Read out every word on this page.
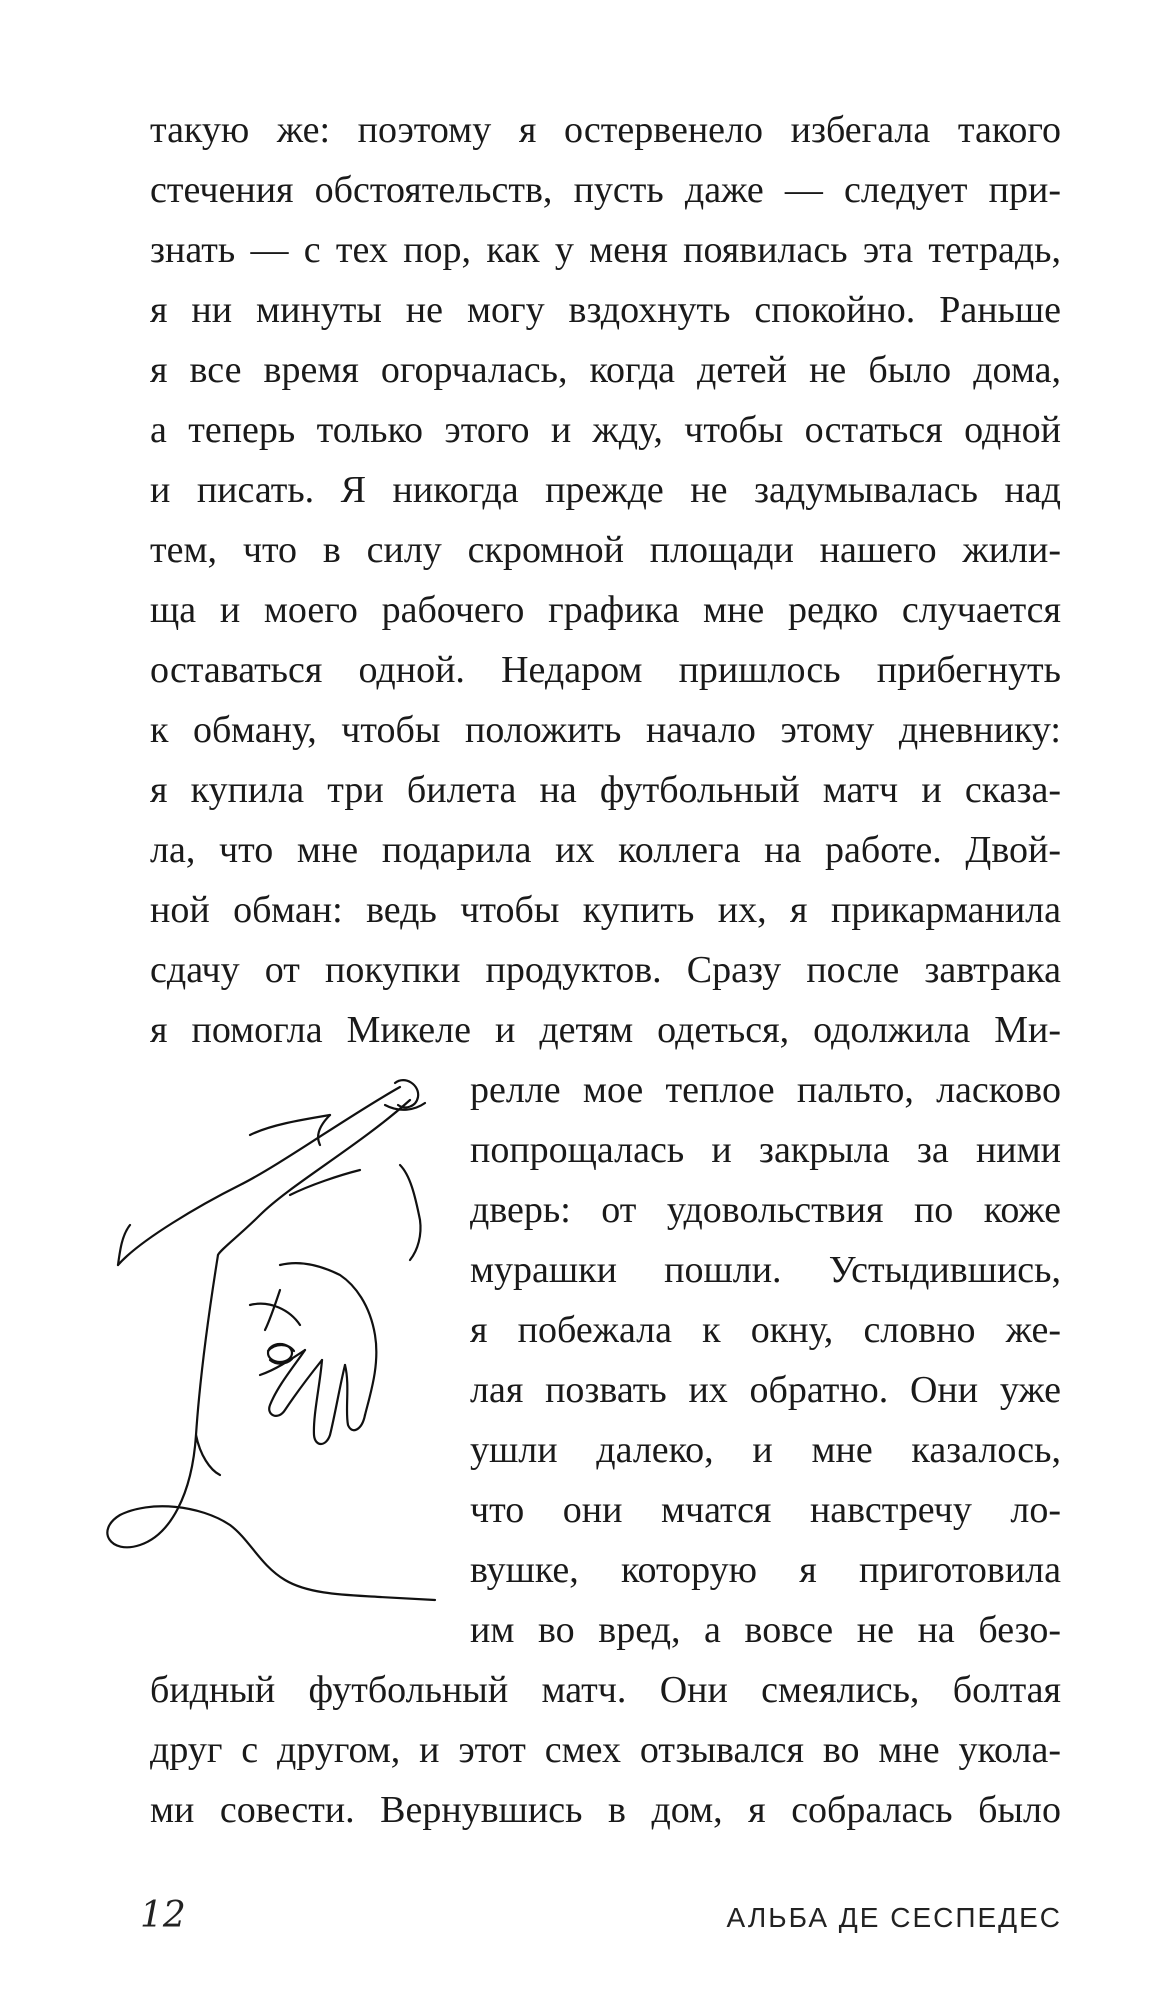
такую же: поэтому я остервенело избегала такого
стечения обстоятельств, пусть даже — следует при-
знать — с тех пор, как у меня появилась эта тетрадь,
я ни минуты не могу вздохнуть спокойно. Раньше
я все время огорчалась, когда детей не было дома,
а теперь только этого и жду, чтобы остаться одной
и писать. Я никогда прежде не задумывалась над
тем, что в силу скромной площади нашего жили-
ща и моего рабочего графика мне редко случается
оставаться одной. Недаром пришлось прибегнуть
к обману, чтобы положить начало этому дневнику:
я купила три билета на футбольный матч и сказа-
ла, что мне подарила их коллега на работе. Двой-
ной обман: ведь чтобы купить их, я прикарманила
сдачу от покупки продуктов. Сразу после завтрака
я помогла Микеле и детям одеться, одолжила Ми-
релле мое теплое пальто, ласково
попрощалась и закрыла за ними
дверь: от удовольствия по коже
мурашки пошли. Устыдившись,
я побежала к окну, словно же-
лая позвать их обратно. Они уже
ушли далеко, и мне казалось,
что они мчатся навстречу ло-
вушке, которую я приготовила
им во вред, а вовсе не на безо-
бидный футбольный матч. Они смеялись, болтая
друг с другом, и этот смех отзывался во мне укола-
ми совести. Вернувшись в дом, я собралась было
12	АЛЬБА ДЕ СЕСПЕДЕС
